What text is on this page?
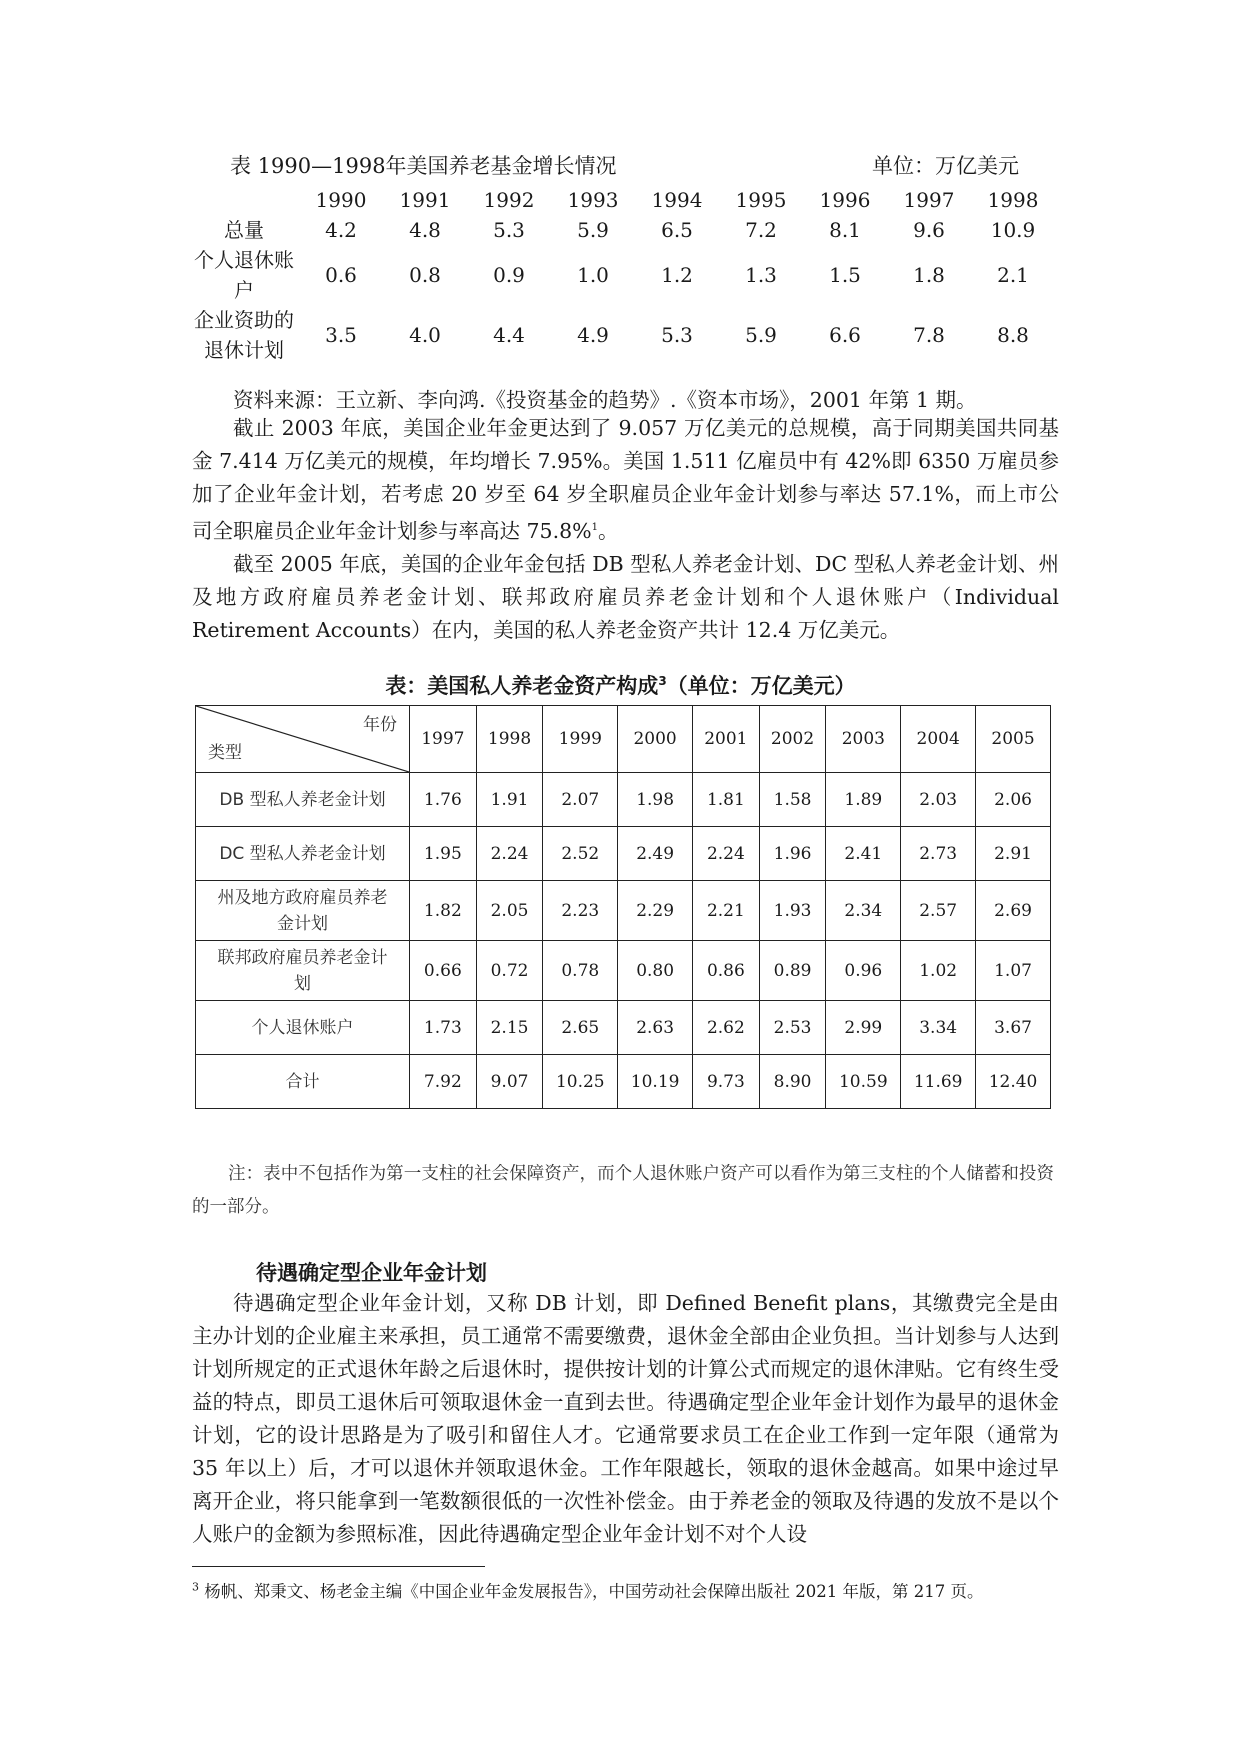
表 1990—1998年美国养老基金增长情况	单位：万亿美元
	1990	1991	1992	1993	1994	1995	1996	1997	1998
总量	4.2	4.8	5.3	5.9	6.5	7.2	8.1	9.6	10.9

个人退休账
户	0.6	0.8	0.9	1.0	1.2	1.3	1.5	1.8	2.1

企业资助的
退休计划	3.5	4.0	4.4	4.9	5.3	5.9	6.6	7.8	8.8
资料来源：王立新、李向鸿.《投资基金的趋势》.《资本市场》，2001 年第 1 期。

截止 2003 年底，美国企业年金更达到了 9.057 万亿美元的总规模，高于同期美国共同基金 7.414 万亿美元的规模，年均增长 7.95%。美国 1.511 亿雇员中有 42%即 6350 万雇员参加了企业年金计划，若考虑 20 岁至 64 岁全职雇员企业年金计划参与率达 57.1%，而上市公司全职雇员企业年金计划参与率高达 75.8%$^1$。

截至 2005 年底，美国的企业年金包括 DB 型私人养老金计划、DC 型私人养老金计划、州及地方政府雇员养老金计划、联邦政府雇员养老金计划和个人退休账户（Individual Retirement Accounts）在内，美国的私人养老金资产共计 12.4 万亿美元。

表：美国私人养老金资产构成$^3$（单位：万亿美元）
年份
类型	1997	1998	1999	2000	2001	2002	2003	2004	2005

DB 型私人养老金计划	1.76	1.91	2.07	1.98	1.81	1.58	1.89	2.03	2.06

DC 型私人养老金计划	1.95	2.24	2.52	2.49	2.24	1.96	2.41	2.73	2.91

州及地方政府雇员养老
金计划	1.82	2.05	2.23	2.29	2.21	1.93	2.34	2.57	2.69

联邦政府雇员养老金计
划	0.66	0.72	0.78	0.80	0.86	0.89	0.96	1.02	1.07

个人退休账户	1.73	2.15	2.65	2.63	2.62	2.53	2.99	3.34	3.67

合计	7.92	9.07	10.25	10.19	9.73	8.90	10.59	11.69	12.40

注：表中不包括作为第一支柱的社会保障资产，而个人退休账户资产可以看作为第三支柱的个人储蓄和投资的一部分。

待遇确定型企业年金计划

待遇确定型企业年金计划，又称 DB 计划，即 Defined Benefit plans，其缴费完全是由主办计划的企业雇主来承担，员工通常不需要缴费，退休金全部由企业负担。当计划参与人达到计划所规定的正式退休年龄之后退休时，提供按计划的计算公式而规定的退休津贴。它有终生受益的特点，即员工退休后可领取退休金一直到去世。待遇确定型企业年金计划作为最早的退休金计划，它的设计思路是为了吸引和留住人才。它通常要求员工在企业工作到一定年限（通常为 35 年以上）后，才可以退休并领取退休金。工作年限越长，领取的退休金越高。如果中途过早离开企业，将只能拿到一笔数额很低的一次性补偿金。由于养老金的领取及待遇的发放不是以个人账户的金额为参照标准，因此待遇确定型企业年金计划不对个人设

$^3$ 杨帆、郑秉文、杨老金主编《中国企业年金发展报告》，中国劳动社会保障出版社 2021 年版，第 217 页。
